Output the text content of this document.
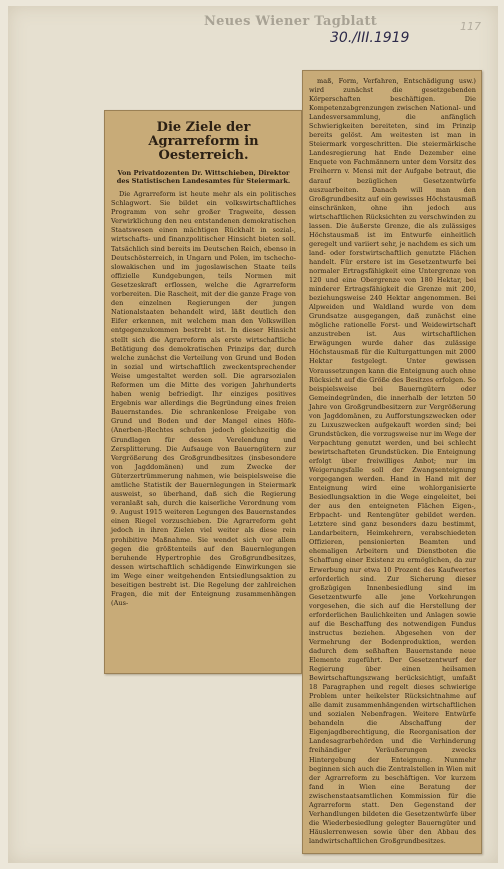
Neues Wiener Tagblatt
30./III.1919
117
Die Ziele der Agrarreform in Oesterreich.
Von Privatdozenten Dr. Wittschieben, Direktor des Statistischen Landesamtes für Steiermark.

Die Agrarreform ist heute mehr als ein politisches Schlagwort. Sie bildet ein volkswirtschaftliches Programm von sehr großer Tragweite, dessen Verwirklichung den neu entstandenen demokratischen Staatswesen einen mächtigen Rückhalt in sozial-, wirtschafts- und finanzpolitischer Hinsicht bieten soll. Tatsächlich sind bereits im Deutschen Reich, ebenso in Deutschösterreich, in Ungarn und Polen, im tschecho-slowakischen und im jugoslawischen Staate teils offizielle Kundgebungen, teils Normen mit Gesetzeskraft erflossen, welche die Agrarreform vorbereiten. Die Rascheit, mit der die ganze Frage von den einzelnen Regierungen der jungen Nationalstaaten behandelt wird, läßt deutlich den Eifer erkennen, mit welchem man den Volkswillen entgegenzukommen bestrebt ist. In dieser Hinsicht stellt sich die Agrarreform als erste wirtschaftliche Betätigung des demokratischen Prinzips dar, durch welche zunächst die Verteilung von Grund und Boden in sozial und wirtschaftlich zweckentsprechender Weise umgestaltet werden soll. Die agrarsozialen Reformen um die Mitte des vorigen Jahrhunderts haben wenig befriedigt. Ihr einziges positives Ergebnis war allerdings die Begründung eines freien Bauernstandes. Die schrankenlose Freigabe von Grund und Boden und der Mangel eines Höfe-(Anerben-)Rechtes schufen jedoch gleichzeitig die Grundlagen für dessen Verelendung und Zersplitterung. Die Aufsauge von Bauerngütern zur Vergrößerung des Großgrundbesitzes (insbesondere von Jagddomänen) und zum Zwecke der Güterzertrümmerung nahmen, wie beispielsweise die amtliche Statistik der Bauernlegungen in Steiermark ausweist, so überhand, daß sich die Regierung veranlaßt sah, durch die kaiserliche Verordnung vom 9. August 1915 weiteren Legungen des Bauernstandes einen Riegel vorzuschieben. Die Agrarreform geht jedoch in ihren Zielen viel weiter als diese rein prohibitive Maßnahme. Sie wendet sich vor allem gegen die größtenteils auf den Bauernlegungen beruhende Hypertrophie des Großgrundbesitzes, dessen wirtschaftlich schädigende Einwirkungen sie im Wege einer weitgehenden Entsiedlungsaktion zu beseitigen bestrebt ist. Die Regelung der zahlreichen Fragen, die mit der Enteignung zusammenhängen (Aus-

maß, Form, Verfahren, Entschädigung usw.) wird zunächst die gesetzgebenden Körperschaften beschäftigen. Die Kompetenzabgrenzungen zwischen National- und Landesversammlung, die anfänglich Schwierigkeiten bereiteten, sind im Prinzip bereits gelöst. Am weitesten ist man in Steiermark vorgeschritten. Die steiermärkische Landesregierung hat Ende Dezember eine Enquete von Fachmännern unter dem Vorsitz des Freiherrn v. Mensi mit der Aufgabe betraut, die darauf bezüglichen Gesetzentwürfe auszuarbeiten. Danach will man den Großgrundbesitz auf ein gewisses Höchstausmaß einschränken, ohne ihn jedoch aus wirtschaftlichen Rücksichten zu verschwinden zu lassen. Die äußerste Grenze, die als zulässiges Höchstausmaß ist im Entwurfe einheitlich geregelt und variiert sehr, je nachdem es sich um land- oder forstwirtschaftlich genutzte Flächen handelt. Für erstere ist im Gesetzentwurfe bei normaler Ertragsfähigkeit eine Untergrenze von 120 und eine Obergrenze von 180 Hektar, bei minderer Ertragsfähigkeit die Grenze mit 200, beziehungsweise 240 Hektar angenommen. Bei Alpweiden und Waldland wurde von dem Grundsatze ausgegangen, daß zunächst eine mögliche rationelle Forst- und Weidewirtschaft anzustreben ist. Aus wirtschaftlichen Erwägungen wurde daher das zulässige Höchstausmaß für die Kulturgattungen mit 2000 Hektar festgelegt. Unter gewissen Voraussetzungen kann die Enteignung auch ohne Rücksicht auf die Größe des Besitzes erfolgen. So beispielsweise bei Bauerngütern oder Gemeindegründen, die innerhalb der letzten 50 Jahre von Großgrundbesitzern zur Vergrößerung von Jagddomänen, zu Aufforstungszwecken oder zu Luxuszwecken aufgekauft worden sind; bei Grundstücken, die vorzugsweise nur im Wege der Verpachtung genutzt werden, und bei schlecht bewirtschafteten Grundstücken. Die Enteignung erfolgt über freiwilliges Anbot; nur im Weigerungsfalle soll der Zwangsenteignung vorgegangen werden. Hand in Hand mit der Enteignung wird eine wohlorganisierte Besiedlungsaktion in die Wege eingeleitet, bei der aus den enteigneten Flächen Eigen-, Erbpacht- und Rentengüter gebildet werden. Letztere sind ganz besonders dazu bestimmt, Landarbeitern, Heimkehrern, verabschiedeten Offizieren, pensionierten Beamten und ehemaligen Arbeitern und Dienstboten die Schaffung einer Existenz zu ermöglichen, da zur Erwerbung nur etwa 10 Prozent des Kaufwertes erforderlich sind. Zur Sicherung dieser großzügigen Innenbesiedlung sind im Gesetzentwurfe alle jene Vorkehrungen vorgesehen, die sich auf die Herstellung der erforderlichen Baulichkeiten und Anlagen sowie auf die Beschaffung des notwendigen Fundus instructus beziehen. Abgesehen von der Vermehrung der Bodenproduktion, werden dadurch dem seßhaften Bauernstande neue Elemente zugeführt. Der Gesetzentwurf der Regierung über einen heilsamen Bewirtschaftungszwang berücksichtigt, umfaßt 18 Paragraphen und regelt dieses schwierige Problem unter heikelster Rücksichtnahme auf alle damit zusammenhängenden wirtschaftlichen und sozialen Nebenfragen. Weitere Entwürfe behandeln die Abschaffung der Eigenjagdberechtigung, die Reorganisation der Landesagrarbehörden und die Verhinderung freihändiger Veräußerungen zwecks Hintergebung der Enteignung. Nunmehr beginnen sich auch die Zentralstellen in Wien mit der Agrarreform zu beschäftigen. Vor kurzem fand in Wien eine Beratung der zwischenstaatsamtlichen Kommission für die Agrarreform statt. Den Gegenstand der Verhandlungen bildeten die Gesetzentwürfe über die Wiederbesiedlung gelegter Bauerngüter und Häuslerrenwesen sowie über den Abbau des landwirtschaftlichen Großgrundbesitzes.
